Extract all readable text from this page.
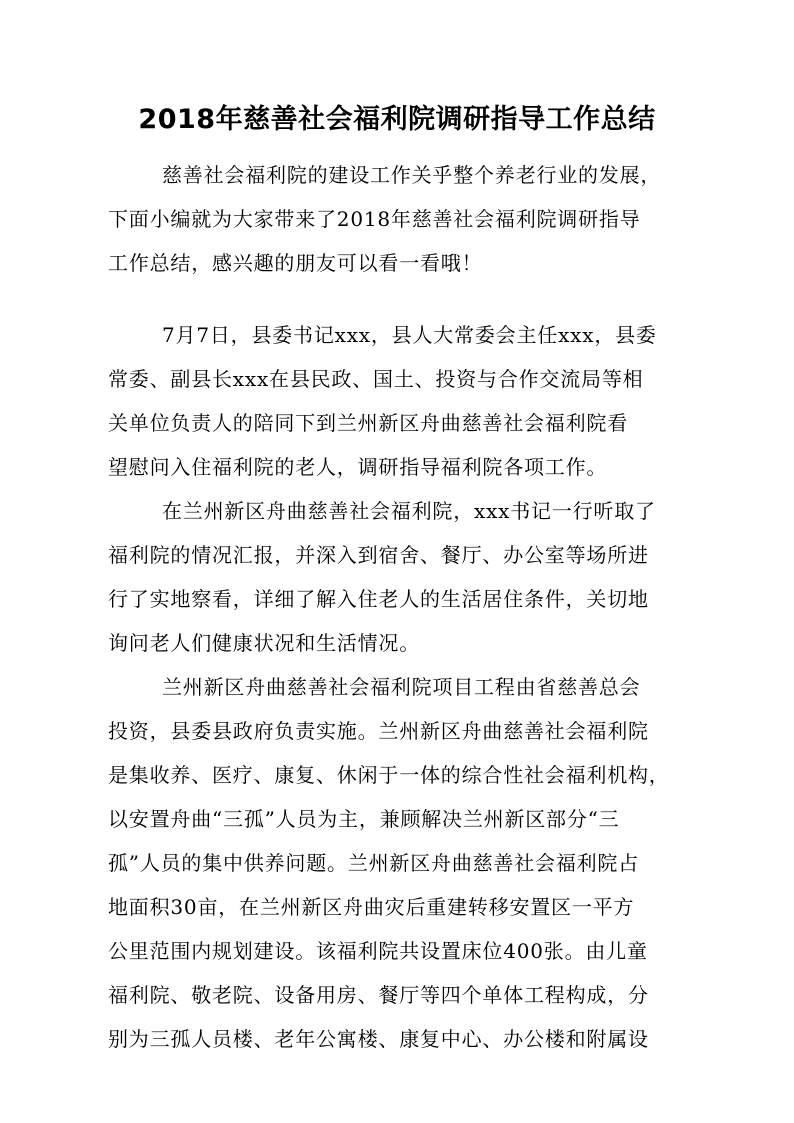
2018年慈善社会福利院调研指导工作总结
慈善社会福利院的建设工作关乎整个养老行业的发展，
下面小编就为大家带来了2018年慈善社会福利院调研指导
工作总结，感兴趣的朋友可以看一看哦！
7月7日，县委书记xxx，县人大常委会主任xxx，县委
常委、副县长xxx在县民政、国土、投资与合作交流局等相
关单位负责人的陪同下到兰州新区舟曲慈善社会福利院看
望慰问入住福利院的老人，调研指导福利院各项工作。
在兰州新区舟曲慈善社会福利院，xxx书记一行听取了
福利院的情况汇报，并深入到宿舍、餐厅、办公室等场所进
行了实地察看，详细了解入住老人的生活居住条件，关切地
询问老人们健康状况和生活情况。
兰州新区舟曲慈善社会福利院项目工程由省慈善总会
投资，县委县政府负责实施。兰州新区舟曲慈善社会福利院
是集收养、医疗、康复、休闲于一体的综合性社会福利机构，
以安置舟曲“三孤”人员为主，兼顾解决兰州新区部分“三
孤”人员的集中供养问题。兰州新区舟曲慈善社会福利院占
地面积30亩，在兰州新区舟曲灾后重建转移安置区一平方
公里范围内规划建设。该福利院共设置床位400张。由儿童
福利院、敬老院、设备用房、餐厅等四个单体工程构成，分
别为三孤人员楼、老年公寓楼、康复中心、办公楼和附属设
